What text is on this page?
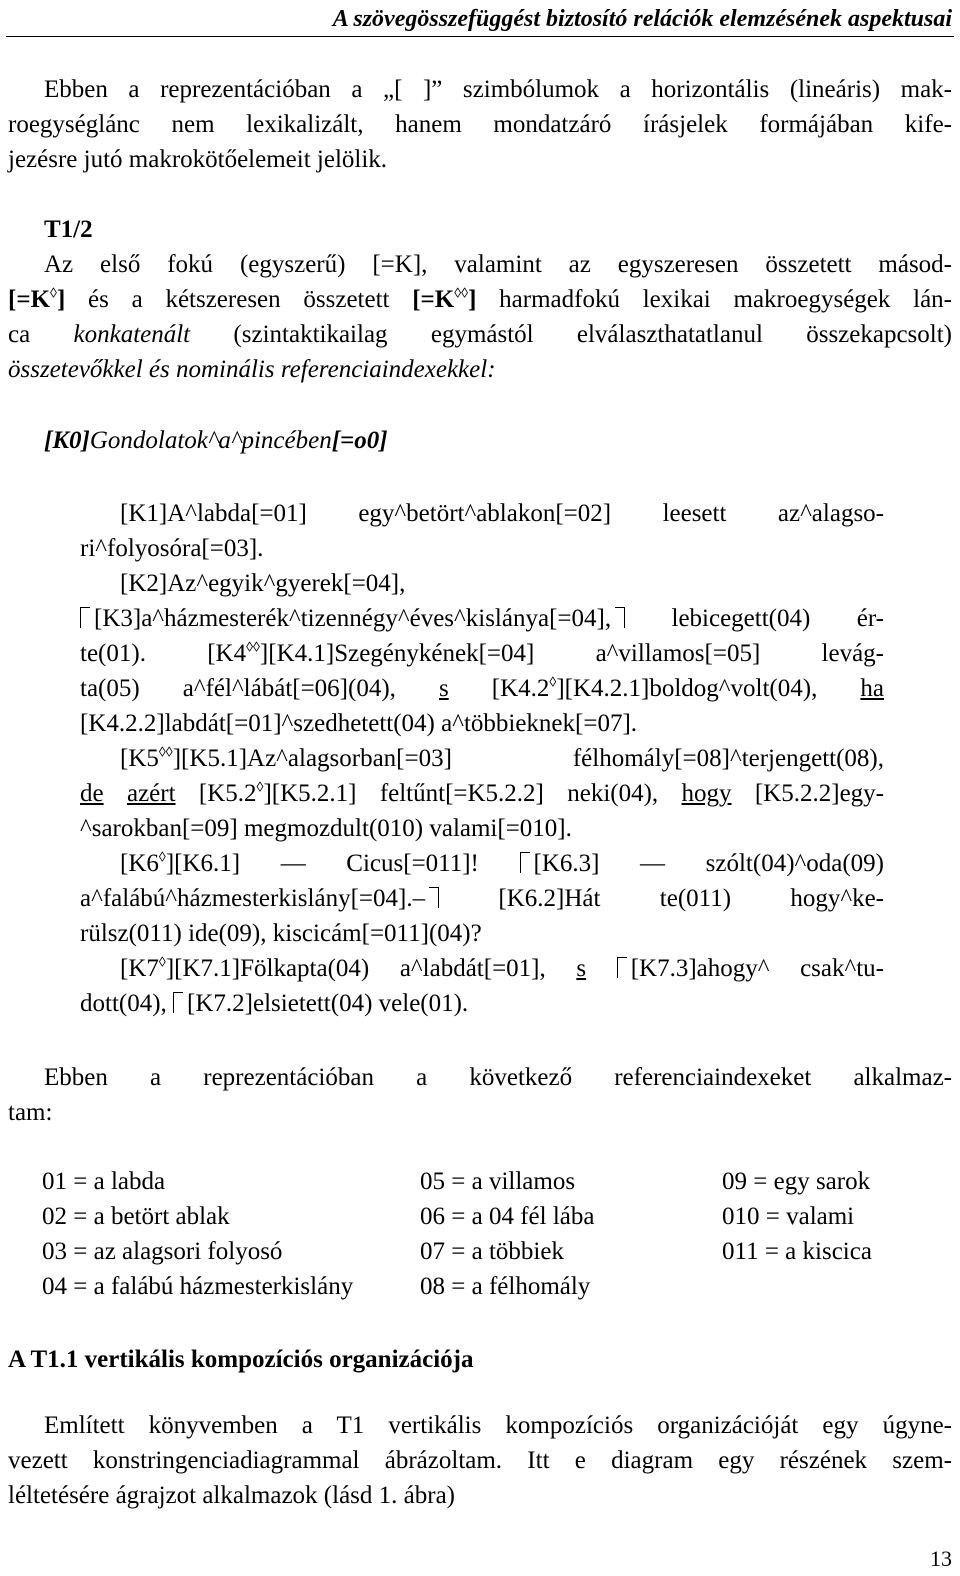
A szövegösszefüggést biztosító relációk elemzésének aspektusai
Ebben a reprezentációban a „[ ]” szimbólumok a horizontális (lineáris) mak-
roegységlánc nem lexikalizált, hanem mondatzáró írásjelek formájában kife-
jezésre jutó makrokötőelemeit jelölik.
T1/2
Az első fokú (egyszerű) [=K], valamint az egyszeresen összetett másod-
[=K◊] és a kétszeresen összetett [=K◊◊] harmadfokú lexikai makroegységek lán-
ca konkatenált (szintaktikailag egymástól elválaszthatatlanul összekapcsolt)
összetevőkkel és nominális referenciaindexekkel:
[K0]Gondolatok^a^pincében[=o0]
[K1]A^labda[=01] egy^betört^ablakon[=02] leesett az^alagso-
ri^folyosóra[=03].
[K2]Az^egyik^gyerek[=04],
[K3]a^házmesterék^tizennégy^éves^kislánya[=04], lebicegett(04) ér-
te(01). [K4◊◊][K4.1]Szegénykének[=04] a^villamos[=05] levág-
ta(05) a^fél^lábát[=06](04), s [K4.2◊][K4.2.1]boldog^volt(04), ha
[K4.2.2]labdát[=01]^szedhetett(04) a^többieknek[=07].
[K5◊◊][K5.1]Az^alagsorban[=03] félhomály[=08]^terjengett(08),
de azért [K5.2◊][K5.2.1] feltűnt[=K5.2.2] neki(04), hogy [K5.2.2]egy-
^sarokban[=09] megmozdult(010) valami[=010].
[K6◊][K6.1] — Cicus[=011]! [K6.3] — szólt(04)^oda(09)
a^falábú^házmesterkislány[=04].–	[K6.2]Hát te(011) hogy^ke-
rülsz(011) ide(09), kiscicám[=011](04)?
[K7◊][K7.1]Fölkapta(04) a^labdát[=01], s [K7.3]ahogy^ csak^tu-
dott(04), [K7.2]elsietett(04) vele(01).
Ebben a reprezentációban a következő referenciaindexeket alkalmaz-
tam:
01 = a labda	05 = a villamos	09 = egy sarok
02 = a betört ablak	06 = a 04 fél lába	010 = valami
03 = az alagsori folyosó	07 = a többiek	011 = a kiscica
04 = a falábú házmesterkislány	08 = a félhomály	
A T1.1 vertikális kompozíciós organizációja
Említett könyvemben a T1 vertikális kompozíciós organizációját egy úgyne-
vezett konstringenciadiagrammal ábrázoltam. Itt e diagram egy részének szem-
léltetésére ágrajzot alkalmazok (lásd 1. ábra)
13
